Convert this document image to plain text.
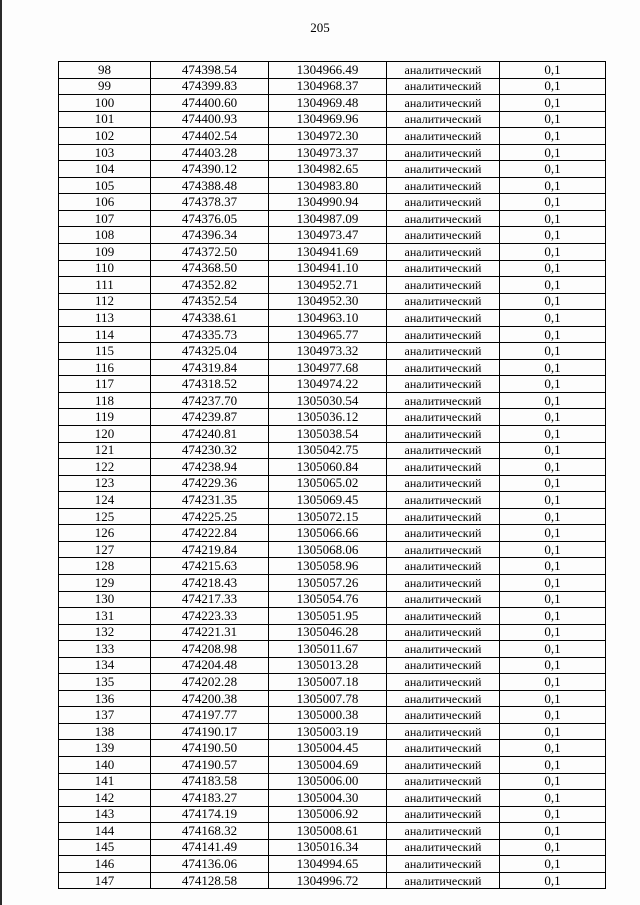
205
98	474398.54	1304966.49	аналитический	0,1
99	474399.83	1304968.37	аналитический	0,1
100	474400.60	1304969.48	аналитический	0,1
101	474400.93	1304969.96	аналитический	0,1
102	474402.54	1304972.30	аналитический	0,1
103	474403.28	1304973.37	аналитический	0,1
104	474390.12	1304982.65	аналитический	0,1
105	474388.48	1304983.80	аналитический	0,1
106	474378.37	1304990.94	аналитический	0,1
107	474376.05	1304987.09	аналитический	0,1
108	474396.34	1304973.47	аналитический	0,1
109	474372.50	1304941.69	аналитический	0,1
110	474368.50	1304941.10	аналитический	0,1
111	474352.82	1304952.71	аналитический	0,1
112	474352.54	1304952.30	аналитический	0,1
113	474338.61	1304963.10	аналитический	0,1
114	474335.73	1304965.77	аналитический	0,1
115	474325.04	1304973.32	аналитический	0,1
116	474319.84	1304977.68	аналитический	0,1
117	474318.52	1304974.22	аналитический	0,1
118	474237.70	1305030.54	аналитический	0,1
119	474239.87	1305036.12	аналитический	0,1
120	474240.81	1305038.54	аналитический	0,1
121	474230.32	1305042.75	аналитический	0,1
122	474238.94	1305060.84	аналитический	0,1
123	474229.36	1305065.02	аналитический	0,1
124	474231.35	1305069.45	аналитический	0,1
125	474225.25	1305072.15	аналитический	0,1
126	474222.84	1305066.66	аналитический	0,1
127	474219.84	1305068.06	аналитический	0,1
128	474215.63	1305058.96	аналитический	0,1
129	474218.43	1305057.26	аналитический	0,1
130	474217.33	1305054.76	аналитический	0,1
131	474223.33	1305051.95	аналитический	0,1
132	474221.31	1305046.28	аналитический	0,1
133	474208.98	1305011.67	аналитический	0,1
134	474204.48	1305013.28	аналитический	0,1
135	474202.28	1305007.18	аналитический	0,1
136	474200.38	1305007.78	аналитический	0,1
137	474197.77	1305000.38	аналитический	0,1
138	474190.17	1305003.19	аналитический	0,1
139	474190.50	1305004.45	аналитический	0,1
140	474190.57	1305004.69	аналитический	0,1
141	474183.58	1305006.00	аналитический	0,1
142	474183.27	1305004.30	аналитический	0,1
143	474174.19	1305006.92	аналитический	0,1
144	474168.32	1305008.61	аналитический	0,1
145	474141.49	1305016.34	аналитический	0,1
146	474136.06	1304994.65	аналитический	0,1
147	474128.58	1304996.72	аналитический	0,1
